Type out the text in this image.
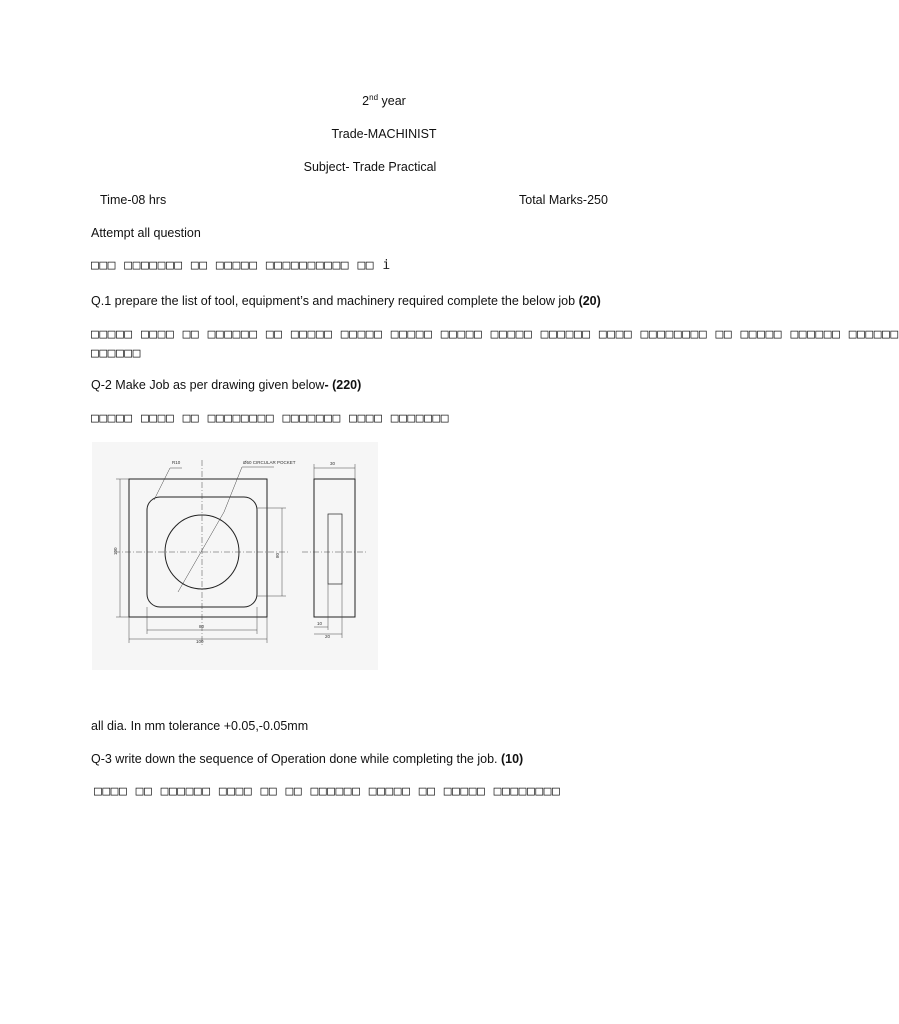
2nd year
Trade-MACHINIST
Subject- Trade Practical
Time-08 hrs	Total Marks-250
Attempt all question
□□□ □□□□□□□ □□ □□□□□ □□□□□□□□□□ □□ i
Q.1 prepare the list of tool, equipment’s and machinery required complete the below job (20)
□□□□□ □□□□ □□ □□□□□□ □□ □□□□□ □□□□□ □□□□□ □□□□□ □□□□□ □□□□□□ □□□□ □□□□□□□□ □□ □□□□□ □□□□□□ □□□□□□
□□□□□□
Q-2 Make Job as per drawing given below- (220)
□□□□□ □□□□ □□ □□□□□□□□ □□□□□□□ □□□□ □□□□□□□
R10	Ø50 CIRCULAR POCKET	30
100
80
80
100
10
20
all dia. In mm tolerance +0.05,-0.05mm
Q-3 write down the sequence of Operation done while completing the job. (10)
□□□□ □□ □□□□□□ □□□□ □□ □□ □□□□□□ □□□□□ □□ □□□□□ □□□□□□□□
